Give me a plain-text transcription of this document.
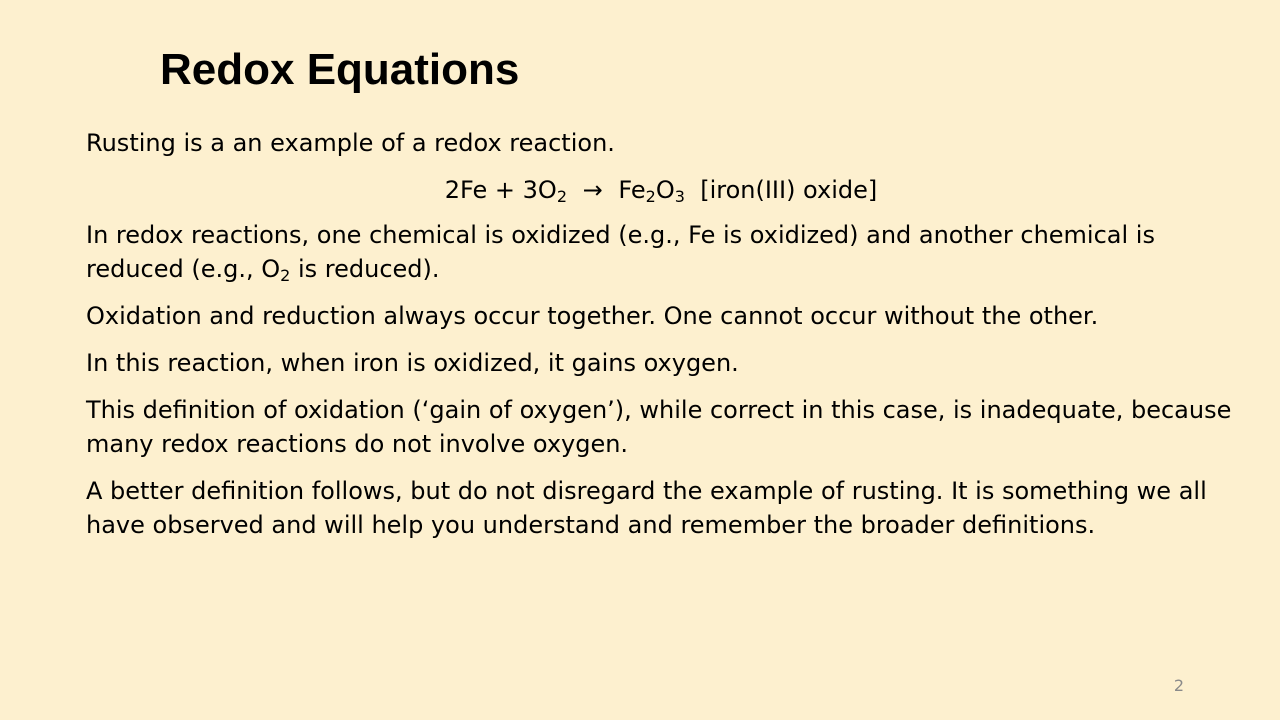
Redox Equations

Rusting is a an example of a redox reaction.

$2Fe + 3O_2 \to Fe_2O_3$ [iron(III) oxide]

In redox reactions, one chemical is oxidized (e.g., Fe is oxidized) and another chemical is reduced (e.g., $O_2$ is reduced).

Oxidation and reduction always occur together. One cannot occur without the other.

In this reaction, when iron is oxidized, it gains oxygen.

This definition of oxidation (‘gain of oxygen’), while correct in this case, is inadequate, because many redox reactions do not involve oxygen.

A better definition follows, but do not disregard the example of rusting. It is something we all have observed and will help you understand and remember the broader definitions.

2
